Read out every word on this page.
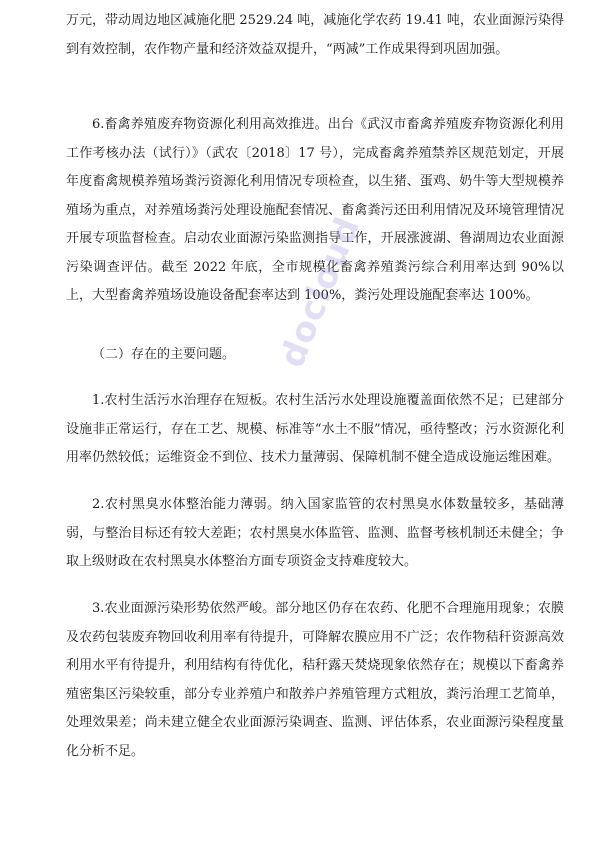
万元，带动周边地区减施化肥 2529.24 吨，减施化学农药 19.41 吨，农业面源污染得到有效控制，农作物产量和经济效益双提升，“两减”工作成果得到巩固加强。

6.畜禽养殖废弃物资源化利用高效推进。出台《武汉市畜禽养殖废弃物资源化利用工作考核办法（试行）》（武农〔2018〕17 号），完成畜禽养殖禁养区规范划定，开展年度畜禽规模养殖场粪污资源化利用情况专项检查，以生猪、蛋鸡、奶牛等大型规模养殖场为重点，对养殖场粪污处理设施配套情况、畜禽粪污还田利用情况及环境管理情况开展专项监督检查。启动农业面源污染监测指导工作，开展涨渡湖、鲁湖周边农业面源污染调查评估。截至 2022 年底，全市规模化畜禽养殖粪污综合利用率达到 90%以上，大型畜禽养殖场设施设备配套率达到 100%，粪污处理设施配套率达 100%。

（二）存在的主要问题。

1.农村生活污水治理存在短板。农村生活污水处理设施覆盖面依然不足；已建部分设施非正常运行，存在工艺、规模、标准等“水土不服”情况，亟待整改；污水资源化利用率仍然较低；运维资金不到位、技术力量薄弱、保障机制不健全造成设施运维困难。

2.农村黑臭水体整治能力薄弱。纳入国家监管的农村黑臭水体数量较多，基础薄弱，与整治目标还有较大差距；农村黑臭水体监管、监测、监督考核机制还未健全；争取上级财政在农村黑臭水体整治方面专项资金支持难度较大。

3.农业面源污染形势依然严峻。部分地区仍存在农药、化肥不合理施用现象；农膜及农药包装废弃物回收利用率有待提升，可降解农膜应用不广泛；农作物秸秆资源高效利用水平有待提升，利用结构有待优化，秸秆露天焚烧现象依然存在；规模以下畜禽养殖密集区污染较重，部分专业养殖户和散养户养殖管理方式粗放，粪污治理工艺简单，处理效果差；尚未建立健全农业面源污染调查、监测、评估体系，农业面源污染程度量化分析不足。

docloud
